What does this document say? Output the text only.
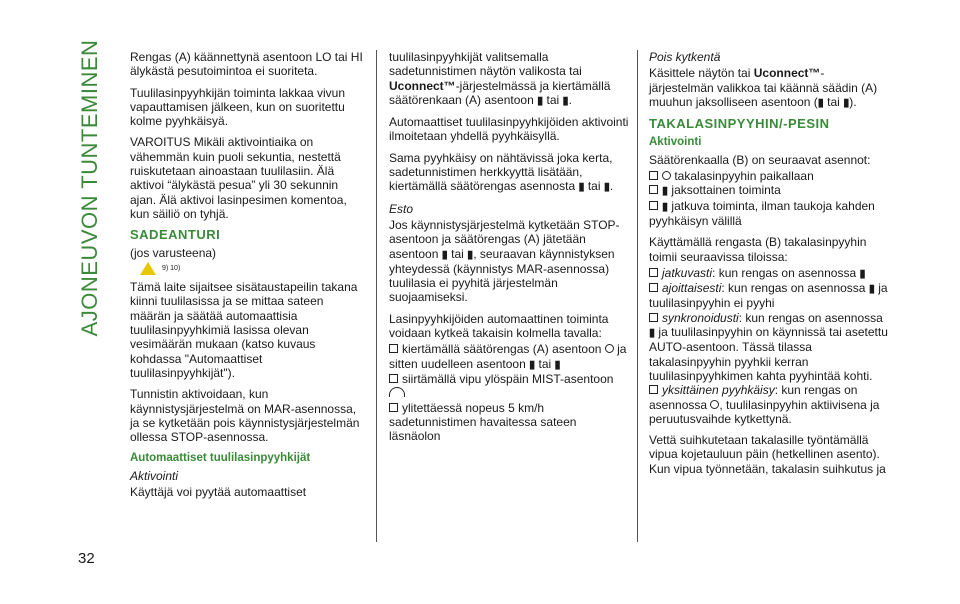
AJONEUVON TUNTEMINEN
32

Rengas (A) käännettynä asentoon LO tai HI älykästä pesutoimintoa ei suoriteta.

Tuulilasinpyyhkijän toiminta lakkaa vivun vapauttamisen jälkeen, kun on suoritettu kolme pyyhkäisyä.

VAROITUS Mikäli aktivointiaika on vähemmän kuin puoli sekuntia, nestettä ruiskutetaan ainoastaan tuulilasiin. Älä aktivoi “älykästä pesua” yli 30 sekunnin ajan. Älä aktivoi lasinpesimen komentoa, kun säiliö on tyhjä.

SADEANTURI

(jos varusteena)

$^{9) 10)}$

Tämä laite sijaitsee sisätaustapeilin takana kiinni tuulilasissa ja se mittaa sateen määrän ja säätää automaattisia tuulilasinpyyhkimiä lasissa olevan vesimäärän mukaan (katso kuvaus kohdassa "Automaattiset tuulilasinpyyhkijät").

Tunnistin aktivoidaan, kun käynnistysjärjestelmä on MAR-asennossa, ja se kytketään pois käynnistysjärjestelmän ollessa STOP-asennossa.

Automaattiset tuulilasinpyyhkijät

Aktivointi

Käyttäjä voi pyytää automaattiset

tuulilasinpyyhkijät valitsemalla sadetunnistimen näytön valikosta tai Uconnect™-järjestelmässä ja kiertämällä säätörenkaan (A) asentoon ▮ tai ▮.

Automaattiset tuulilasinpyyhkijöiden aktivointi ilmoitetaan yhdellä pyyhkäisyllä.

Sama pyyhkäisy on nähtävissä joka kerta, sadetunnistimen herkkyyttä lisätään, kiertämällä säätörengas asennosta ▮ tai ▮.

Esto

Jos käynnistysjärjestelmä kytketään STOP-asentoon ja säätörengas (A) jätetään asentoon ▮ tai ▮, seuraavan käynnistyksen yhteydessä (käynnistys MAR-asennossa) tuulilasia ei pyyhitä järjestelmän suojaamiseksi.

Lasinpyyhkijöiden automaattinen toiminta voidaan kytkeä takaisin kolmella tavalla:

kiertämällä säätörengas (A) asentoon  ja sitten uudelleen asentoon ▮ tai ▮
siirtämällä vipu ylöspäin MIST-asentoon
ylitettäessä nopeus 5 km/h sadetunnistimen havaitessa sateen läsnäolon

Pois kytkentä

Käsittele näytön tai Uconnect™-järjestelmän valikkoa tai käännä säädin (A) muuhun jaksolliseen asentoon (▮ tai ▮).

TAKALASINPYYHIN/-PESIN
Aktivointi

Säätörenkaalla (B) on seuraavat asennot:

takalasinpyyhin paikallaan
▮ jaksottainen toiminta
▮ jatkuva toiminta, ilman taukoja kahden pyyhkäisyn välillä

Käyttämällä rengasta (B) takalasinpyyhin toimii seuraavissa tiloissa:

jatkuvasti: kun rengas on asennossa ▮
ajoittaisesti: kun rengas on asennossa ▮ ja tuulilasinpyyhin ei pyyhi
synkronoidusti: kun rengas on asennossa ▮ ja tuulilasinpyyhin on käynnissä tai asetettu AUTO-asentoon. Tässä tilassa takalasinpyyhin pyyhkii kerran tuulilasinpyyhkimen kahta pyyhintää kohti.
yksittäinen pyyhkäisy: kun rengas on asennossa , tuulilasinpyyhin aktiivisena ja peruutusvaihde kytkettynä.

Vettä suihkutetaan takalasille työntämällä vipua kojetauluun päin (hetkellinen asento). Kun vipua työnnetään, takalasin suihkutus ja
